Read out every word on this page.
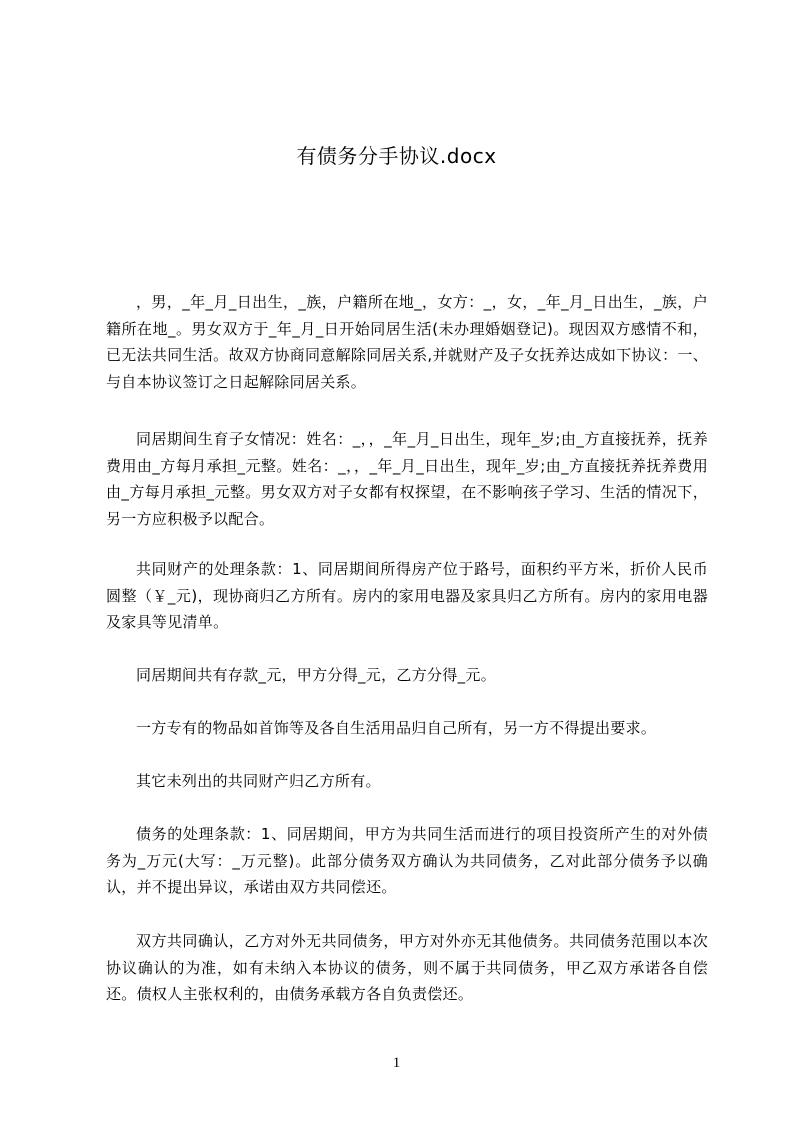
有债务分手协议.docx

，男，_年_月_日出生，_族，户籍所在地_，女方：_，女，_年_月_日出生，_族，户籍所在地_。男女双方于_年_月_日开始同居生活(未办理婚姻登记)。现因双方感情不和，已无法共同生活。故双方协商同意解除同居关系,并就财产及子女抚养达成如下协议：一、与自本协议签订之日起解除同居关系。

同居期间生育子女情况：姓名：_，，_年_月_日出生，现年_岁;由_方直接抚养，抚养费用由_方每月承担_元整。姓名：_，，_年_月_日出生，现年_岁;由_方直接抚养抚养费用由_方每月承担_元整。男女双方对子女都有权探望，在不影响孩子学习、生活的情况下，另一方应积极予以配合。

共同财产的处理条款：1、同居期间所得房产位于路号，面积约平方米，折价人民币圆整（￥_元)，现协商归乙方所有。房内的家用电器及家具归乙方所有。房内的家用电器及家具等见清单。

同居期间共有存款_元，甲方分得_元，乙方分得_元。

一方专有的物品如首饰等及各自生活用品归自己所有，另一方不得提出要求。

其它未列出的共同财产归乙方所有。

债务的处理条款：1、同居期间，甲方为共同生活而进行的项目投资所产生的对外债务为_万元(大写：_万元整)。此部分债务双方确认为共同债务，乙对此部分债务予以确认，并不提出异议，承诺由双方共同偿还。

双方共同确认，乙方对外无共同债务，甲方对外亦无其他债务。共同债务范围以本次协议确认的为准，如有未纳入本协议的债务，则不属于共同债务，甲乙双方承诺各自偿还。债权人主张权利的，由债务承载方各自负责偿还。

1
